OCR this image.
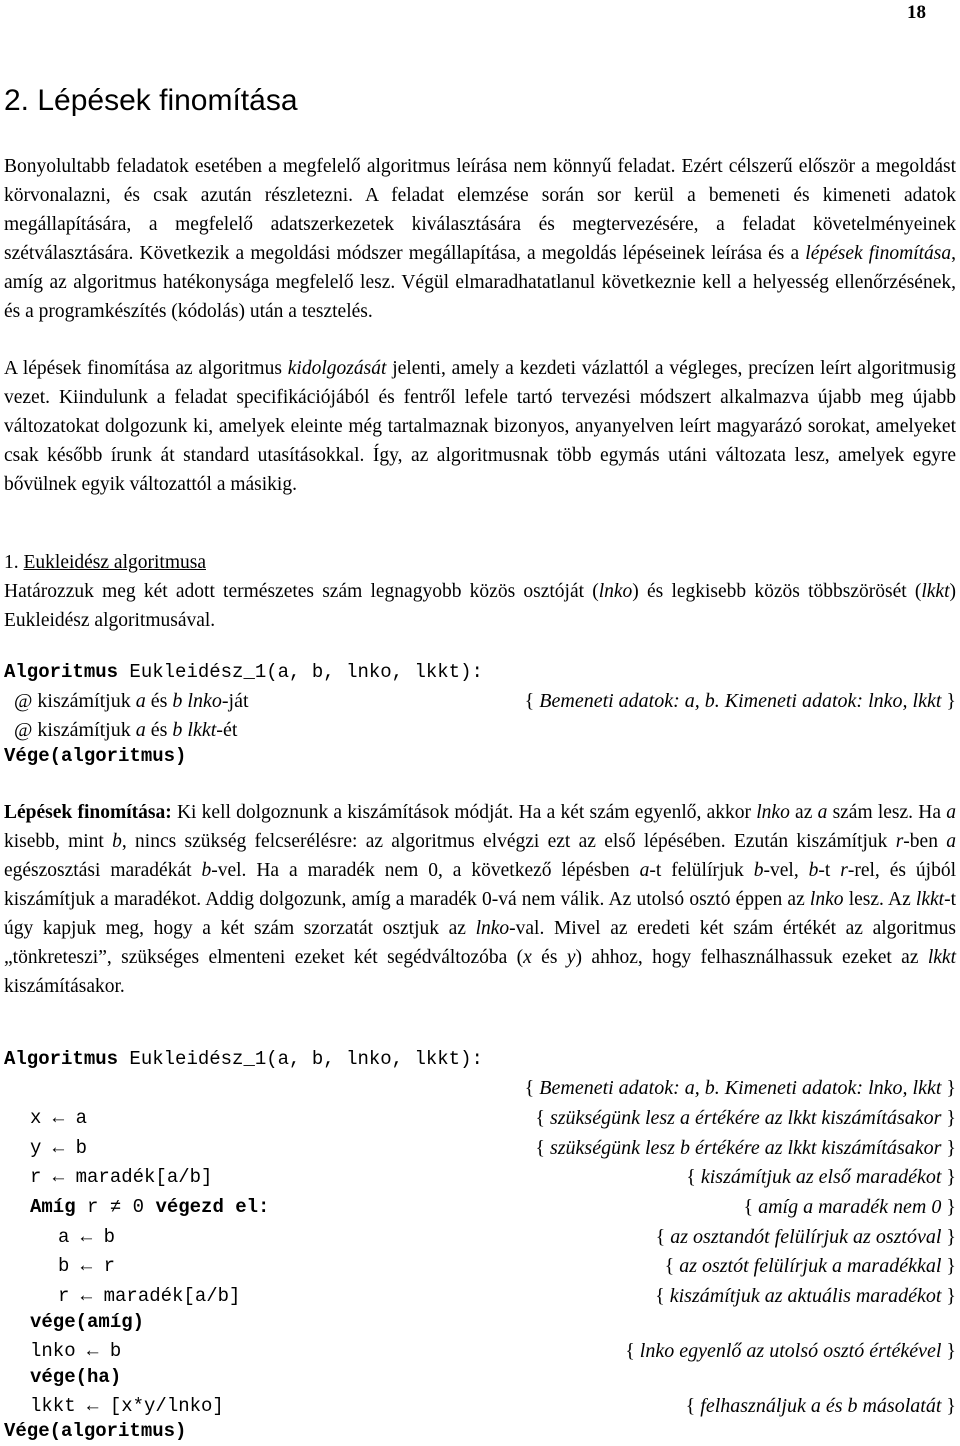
18
2. Lépések finomítása

Bonyolultabb feladatok esetében a megfelelő algoritmus leírása nem könnyű feladat. Ezért célszerű először a megoldást körvonalazni, és csak azután részletezni. A feladat elemzése során sor kerül a bemeneti és kimeneti adatok megállapítására, a megfelelő adatszerkezetek kiválasztására és megtervezésére, a feladat követelményeinek szétválasztására. Következik a megoldási módszer megállapítása, a megoldás lépéseinek leírása és a lépések finomítása, amíg az algoritmus hatékonysága megfelelő lesz. Végül elmaradhatatlanul következnie kell a helyesség ellenőrzésének, és a programkészítés (kódolás) után a tesztelés.

A lépések finomítása az algoritmus kidolgozását jelenti, amely a kezdeti vázlattól a végleges, precízen leírt algoritmusig vezet. Kiindulunk a feladat specifikációjából és fentről lefele tartó tervezési módszert alkalmazva újabb meg újabb változatokat dolgozunk ki, amelyek eleinte még tartalmaznak bizonyos, anyanyelven leírt magyarázó sorokat, amelyeket csak később írunk át standard utasításokkal. Így, az algoritmusnak több egymás utáni változata lesz, amelyek egyre bővülnek egyik változattól a másikig.

1. Eukleidész algoritmusa

Határozzuk meg két adott természetes szám legnagyobb közös osztóját (lnko) és legkisebb közös többszörösét (lkkt) Eukleidész algoritmusával.

Algoritmus Eukleidész_1(a, b, lnko, lkkt):
@ kiszámítjuk a és b lnko-ját	{ Bemeneti adatok: a, b. Kimeneti adatok: lnko, lkkt }
@ kiszámítjuk a és b lkkt-ét
Vége(algoritmus)

Lépések finomítása: Ki kell dolgoznunk a kiszámítások módját. Ha a két szám egyenlő, akkor lnko az a szám lesz. Ha a kisebb, mint b, nincs szükség felcserélésre: az algoritmus elvégzi ezt az első lépésében. Ezután kiszámítjuk r-ben a egészosztási maradékát b-vel. Ha a maradék nem 0, a következő lépésben a-t felülírjuk b-vel, b-t r-rel, és újból kiszámítjuk a maradékot. Addig dolgozunk, amíg a maradék 0-vá nem válik. Az utolsó osztó éppen az lnko lesz. Az lkkt-t úgy kapjuk meg, hogy a két szám szorzatát osztjuk az lnko-val. Mivel az eredeti két szám értékét az algoritmus „tönkreteszi”, szükséges elmenteni ezeket két segédváltozóba (x és y) ahhoz, hogy felhasználhassuk ezeket az lkkt kiszámításakor.

Algoritmus Eukleidész_1(a, b, lnko, lkkt):
{ Bemeneti adatok: a, b. Kimeneti adatok: lnko, lkkt }
x ← a	{ szükségünk lesz a értékére az lkkt kiszámításakor }
y ← b	{ szükségünk lesz b értékére az lkkt kiszámításakor }
r ← maradék[a/b]	{ kiszámítjuk az első maradékot }
Amíg r ≠ 0 végezd el:	{ amíg a maradék nem 0 }
a ← b	{ az osztandót felülírjuk az osztóval }
b ← r	{ az osztót felülírjuk a maradékkal }
r ← maradék[a/b]	{ kiszámítjuk az aktuális maradékot }
vége(amíg)
lnko ← b	{ lnko egyenlő az utolsó osztó értékével }
vége(ha)
lkkt ← [x*y/lnko]	{ felhasználjuk a és b másolatát }
Vége(algoritmus)
